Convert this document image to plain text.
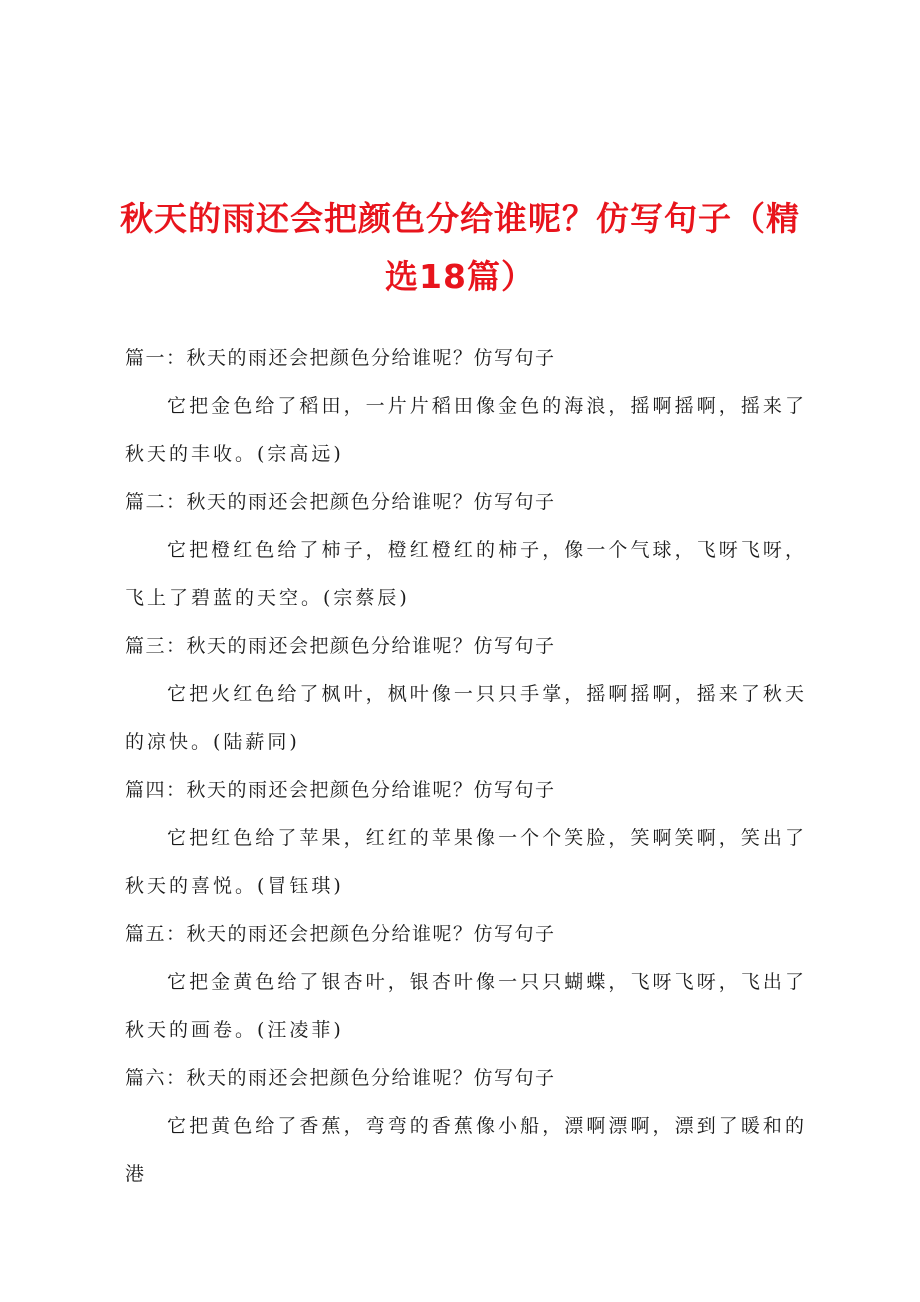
秋天的雨还会把颜色分给谁呢？仿写句子（精选18篇）

篇一：秋天的雨还会把颜色分给谁呢？仿写句子

它把金色给了稻田，一片片稻田像金色的海浪，摇啊摇啊，摇来了秋天的丰收。(宗高远)

篇二：秋天的雨还会把颜色分给谁呢？仿写句子

它把橙红色给了柿子，橙红橙红的柿子，像一个气球，飞呀飞呀，飞上了碧蓝的天空。(宗蔡辰)

篇三：秋天的雨还会把颜色分给谁呢？仿写句子

它把火红色给了枫叶，枫叶像一只只手掌，摇啊摇啊，摇来了秋天的凉快。(陆薪同)

篇四：秋天的雨还会把颜色分给谁呢？仿写句子

它把红色给了苹果，红红的苹果像一个个笑脸，笑啊笑啊，笑出了秋天的喜悦。(冒钰琪)

篇五：秋天的雨还会把颜色分给谁呢？仿写句子

它把金黄色给了银杏叶，银杏叶像一只只蝴蝶，飞呀飞呀，飞出了秋天的画卷。(汪凌菲)

篇六：秋天的雨还会把颜色分给谁呢？仿写句子

它把黄色给了香蕉，弯弯的香蕉像小船，漂啊漂啊，漂到了暖和的港
